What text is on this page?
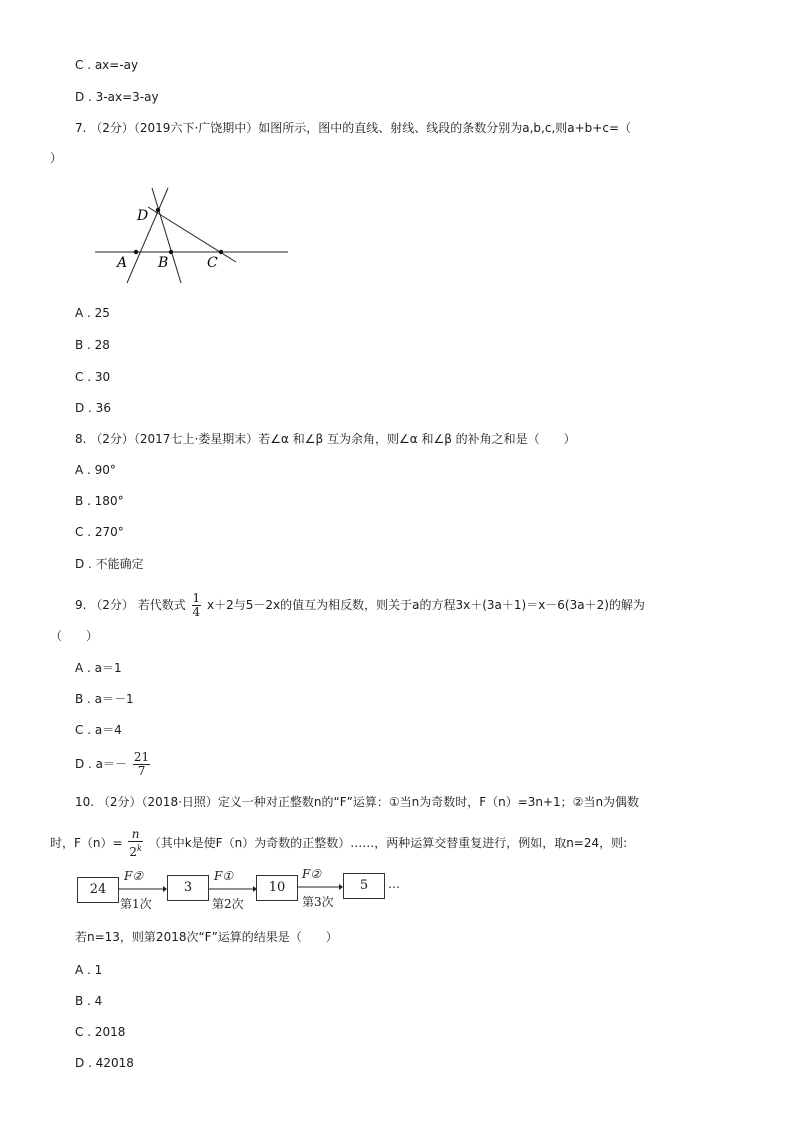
C . ax=-ay
D . 3-ax=3-ay
7. （2分）（2019六下·广饶期中）如图所示，图中的直线、射线、线段的条数分别为a,b,c,则a+b+c=（
）
D
A B	C
A . 25
B . 28
C . 30
D . 36
8. （2分）（2017七上·娄星期末）若∠α 和∠β 互为余角，则∠α 和∠β 的补角之和是（　　）
A . 90°
B . 180°
C . 270°
D . 不能确定
9. （2分） 若代数式 $\frac{1}{4} x+2$与5－2x的值互为相反数，则关于a的方程3x＋(3a＋1)＝x－6(3a＋2)的解为
（　　）
A . a＝1
B . a＝－1
C . a＝4
D . $a=- \frac{21}{7}$
10. （2分）（2018·日照）定义一种对正整数n的“F”运算：①当n为奇数时，F（n）=3n+1；②当n为偶数
时，$F(n)= \frac{n}{2^k}$ （其中k是使F（n）为奇数的正整数）……，两种运算交替重复进行，例如，取n=24，则:
24	3	10	5
F②	F①	F②
第1次	第2次	第3次
…
若n=13，则第2018次“F”运算的结果是（　　）
A . 1
B . 4
C . 2018
D . 42018
